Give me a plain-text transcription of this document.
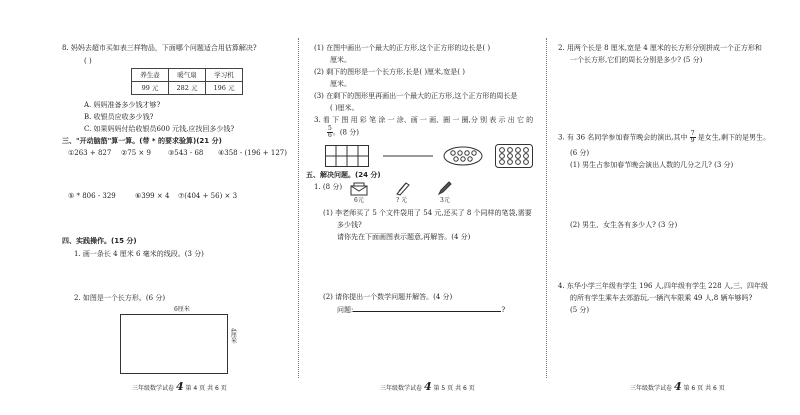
8. 妈妈去超市买如表三样物品，下面哪个问题适合用估算解决?
( )
养生壶	暖气扇	学习机
99 元	282 元	196 元
A. 妈妈准备多少钱才够?
B. 收银员应收多少钱?
C. 如果妈妈付给收银员600 元钱,应找回多少钱?
三、"开动脑筋"算一算。(带 * 的要求验算)(21 分)
①263 + 827 ②75 × 9 ③543 - 68 ④358 - (196 + 127)
⑤ * 806 - 329	⑥399 × 4 ⑦(404 + 56) × 3
四、实践操作。(15 分)
1. 画一条长 4 厘米 6 毫米的线段。(3 分)
2. 如图是一个长方形。(6 分)
6厘米
4厘米
三年级数学试卷 4 第 4 页 共 6 页
(1) 在图中画出一个最大的正方形,这个正方形的边长是( )
厘米。
(2) 剩下的图形是一个长方形,长是( )厘米,宽是( )
厘米。
(3) 在剩下的图形里再画出一个最大的正方形,这个正方形的周长是
( )厘米。
3. 看 下 图 用 彩 笔 涂 一 涂、画 一 画、圈 一 圈,分 别 表 示 出 它 的
$\frac{5}{6}$ 。(8 分)
五、解决问题。(24 分)
1. (8 分)
6元	? 元	3元
(1) 李老师买了 5 个文件袋用了 54 元,还买了 8 个同样的笔袋,需要
多少钱?
请你先在下面画图表示题意,再解答。(4 分)
(2) 请你提出一个数学问题并解答。(4 分)
问题:	?
三年级数学试卷 4 第 5 页 共 6 页
2. 用两个长是 8 厘米,宽是 4 厘米的长方形分别拼成一个正方形和
一个长方形,它们的周长分别是多少? (5 分)
3. 有 36 名同学参加春节晚会的演出,其中 $\frac{7}{9}$ 是女生,剩下的是男生。
(6 分)
(1) 男生占参加春节晚会演出人数的几分之几? (3 分)
(2) 男生、女生各有多少人? (3 分)
4. 东华小学三年级有学生 196 人,四年级有学生 228 人,三、四年级
的所有学生乘车去郊游玩,一辆汽车限乘 49 人,8 辆车够吗?
(5 分)
三年级数学试卷 4 第 6 页 共 6 页
